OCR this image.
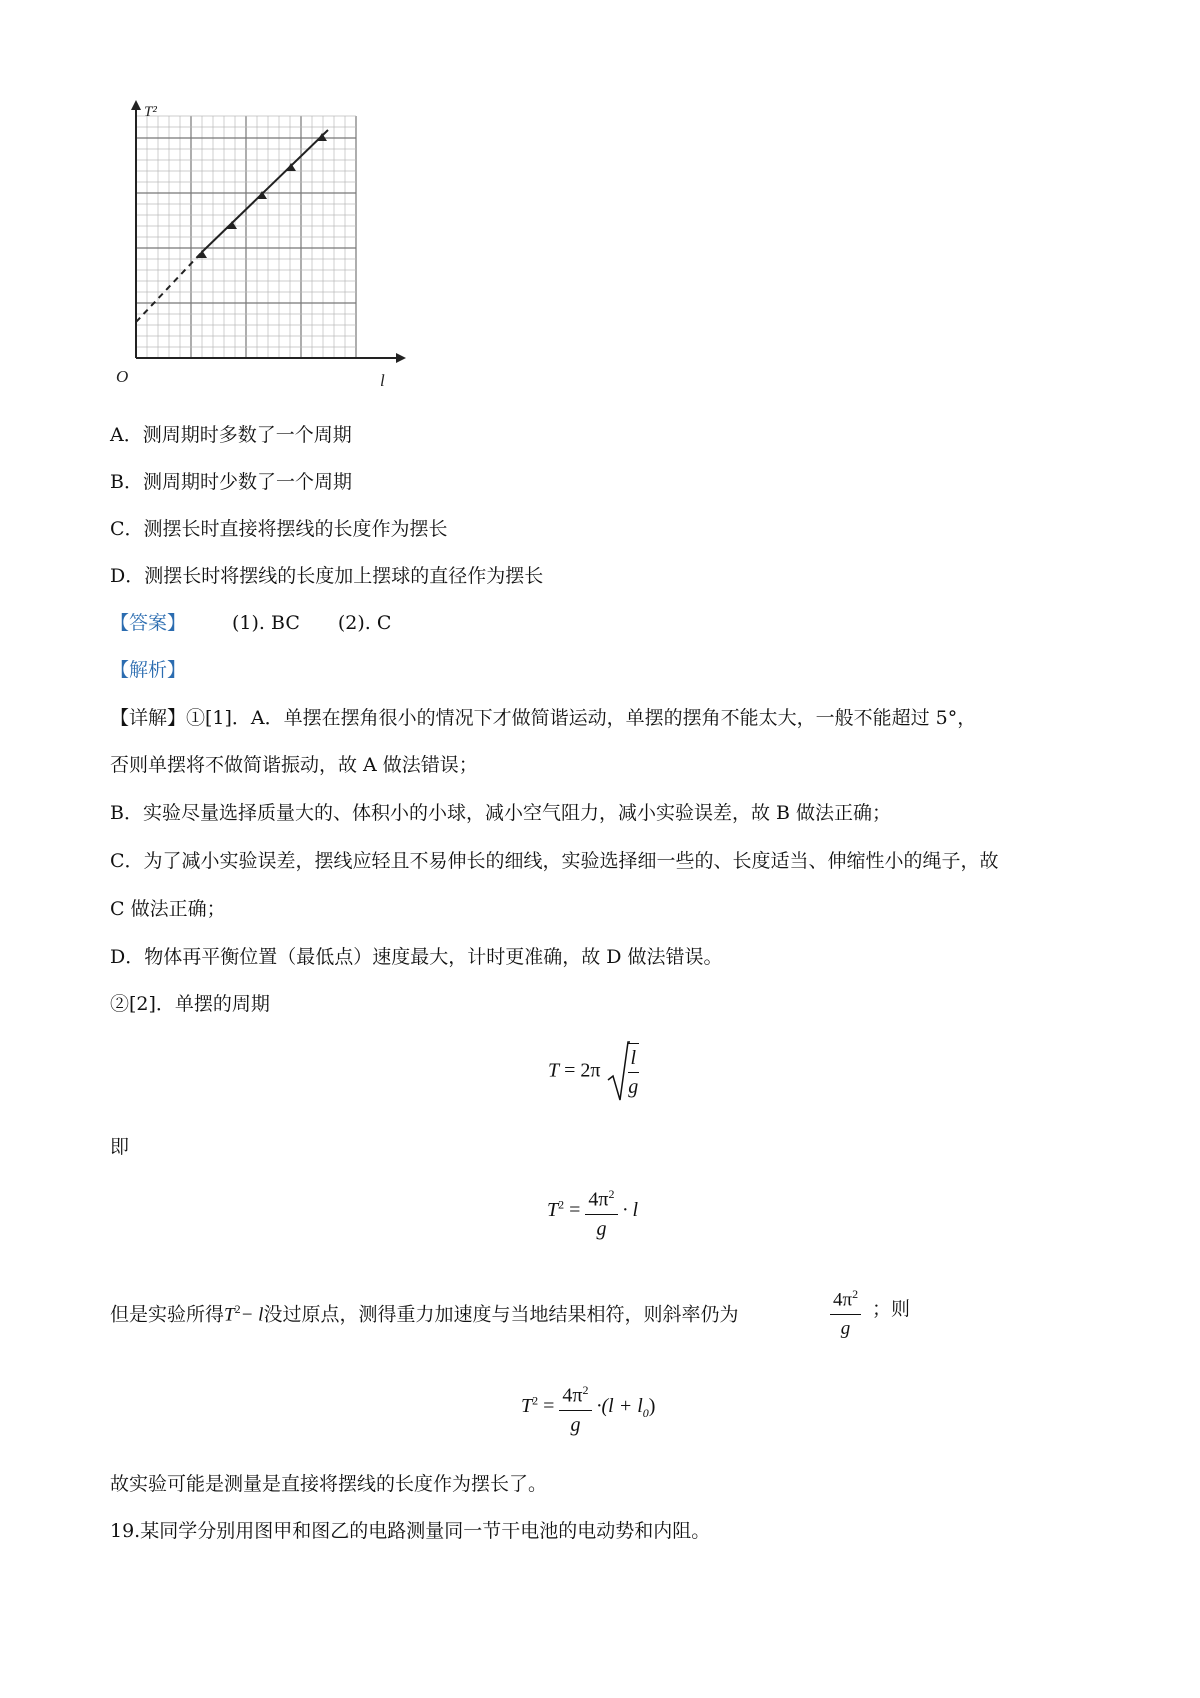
T²
l
O
A．测周期时多数了一个周期
B．测周期时少数了一个周期
C．测摆长时直接将摆线的长度作为摆长
D．测摆长时将摆线的长度加上摆球的直径作为摆长
【答案】 (1). BC (2). C
【解析】
【详解】①[1]．A．单摆在摆角很小的情况下才做简谐运动，单摆的摆角不能太大，一般不能超过 5°，
否则单摆将不做简谐振动，故 A 做法错误；
B．实验尽量选择质量大的、体积小的小球，减小空气阻力，减小实验误差，故 B 做法正确；
C．为了减小实验误差，摆线应轻且不易伸长的细线，实验选择细一些的、长度适当、伸缩性小的绳子，故
C 做法正确；
D．物体再平衡位置（最低点）速度最大，计时更准确，故 D 做法错误。
②[2]．单摆的周期
$T = 2\pi \frac{l}{g}$
即
$T^2 = \frac{4\pi^2}{g} \cdot l$
但是实验所得$T^2- l$没过原点，测得重力加速度与当地结果相符，则斜率仍为	$\frac{4\pi^2}{g}$ ；则
$T^2 = \frac{4\pi^2}{g} \cdot(l + l_0)$
故实验可能是测量是直接将摆线的长度作为摆长了。
19.某同学分别用图甲和图乙的电路测量同一节干电池的电动势和内阻。
